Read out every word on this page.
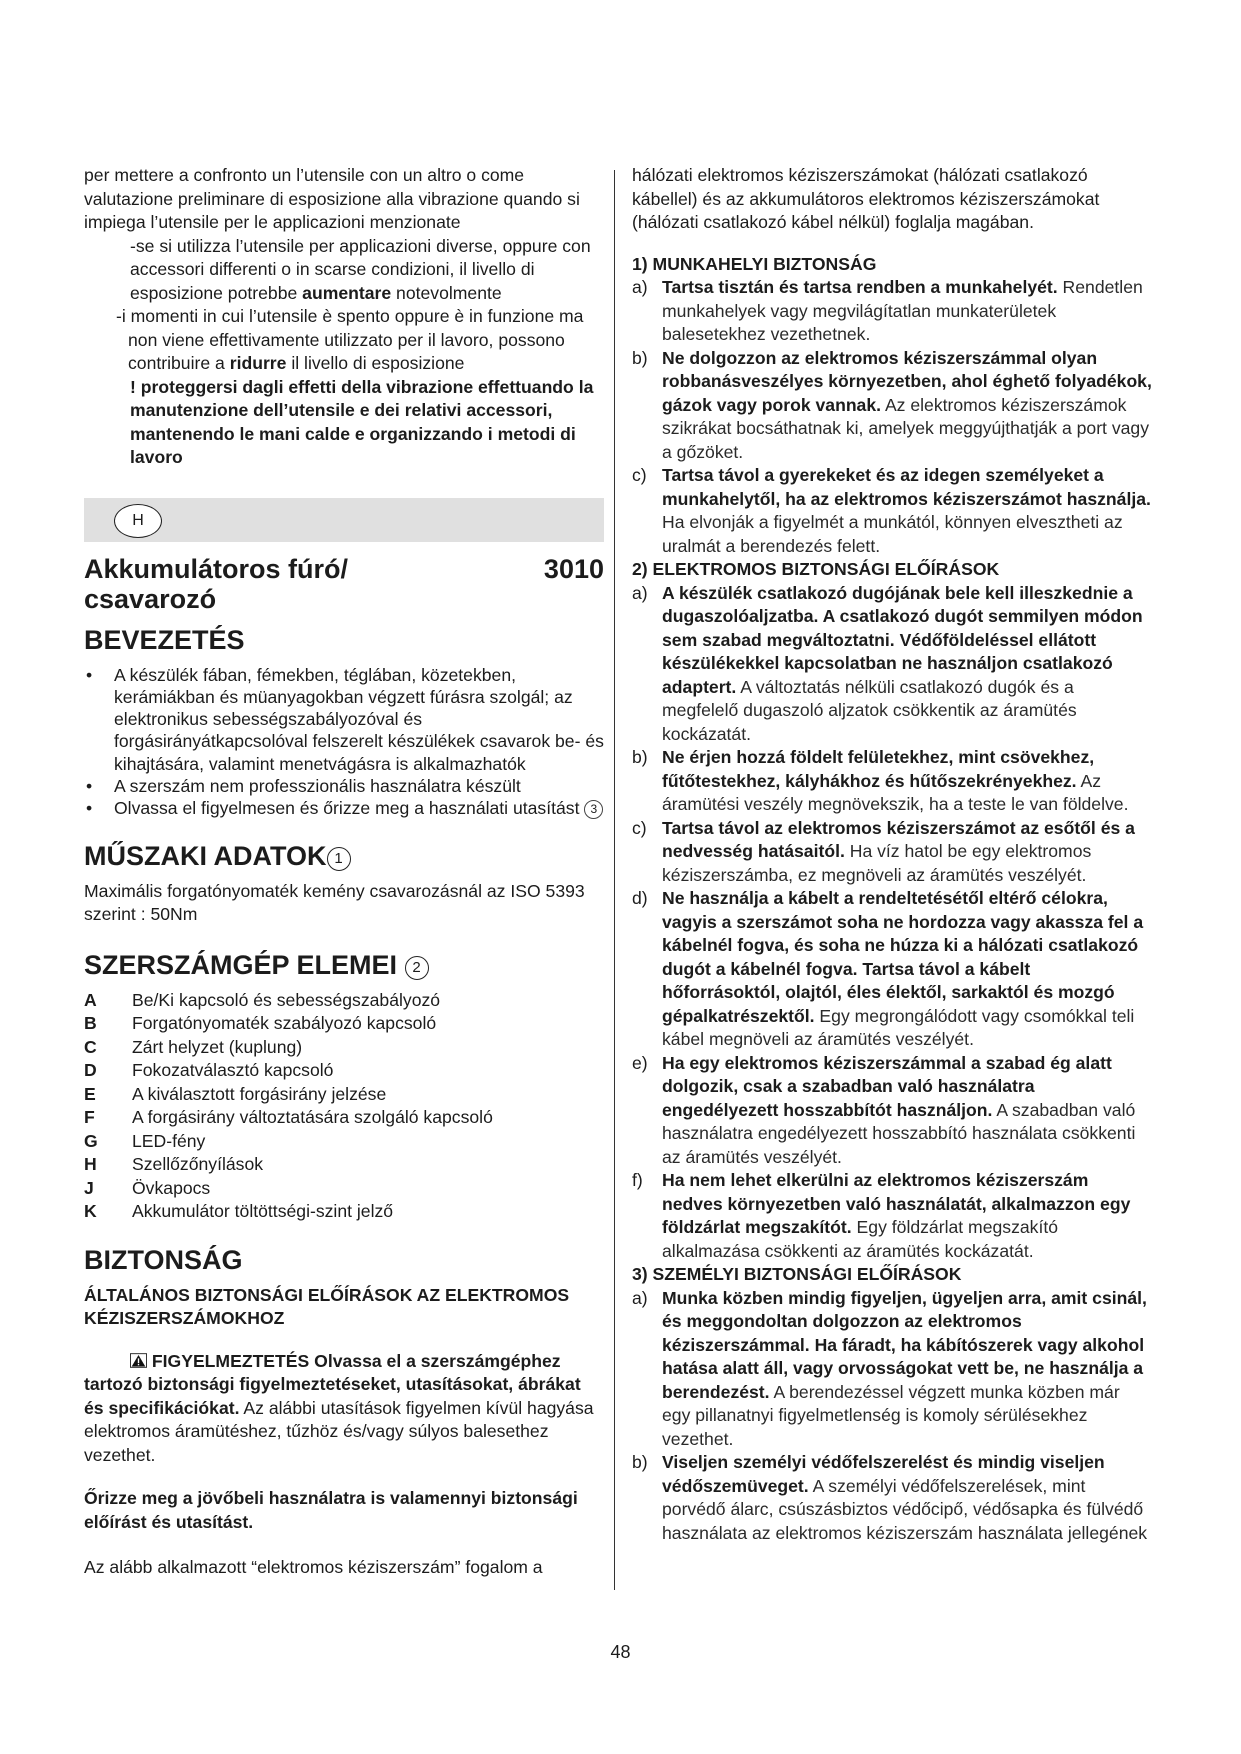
per mettere a confronto un l’utensile con un altro o come valutazione preliminare di esposizione alla vibrazione quando si impiega l’utensile per le applicazioni menzionate

-se si utilizza l’utensile per applicazioni diverse, oppure con accessori differenti o in scarse condizioni, il livello di esposizione potrebbe aumentare notevolmente

-i momenti in cui l’utensile è spento oppure è in funzione ma non viene effettivamente utilizzato per il lavoro, possono contribuire a ridurre il livello di esposizione

! proteggersi dagli effetti della vibrazione effettuando la manutenzione dell’utensile e dei relativi accessori, mantenendo le mani calde e organizzando i metodi di lavoro

H
Akkumulátoros fúró/ csavarozó
3010
BEVEZETÉS
• A készülék fában, fémekben, téglában, közetekben, kerámiákban és müanyagokban végzett fúrásra szolgál; az elektronikus sebességszabályozóval és forgásirányátkapcsolóval felszerelt készülékek csavarok be- és kihajtására, valamint menetvágásra is alkalmazhatók
• A szerszám nem professzionális használatra készült
• Olvassa el figyelmesen és őrizze meg a használati utasítást 3
MŰSZAKI ADATOK 1

Maximális forgatónyomaték kemény csavarozásnál az ISO 5393 szerint : 50Nm

SZERSZÁMGÉP ELEMEI 2
A	Be/Ki kapcsoló és sebességszabályozó
B	Forgatónyomaték szabályozó kapcsoló
C	Zárt helyzet (kuplung)
D	Fokozatválasztó kapcsoló
E	A kiválasztott forgásirány jelzése
F	A forgásirány változtatására szolgáló kapcsoló
G	LED-fény
H	Szellőzőnyílások
J	Övkapocs
K	Akkumulátor töltöttségi-szint jelző
BIZTONSÁG

ÁLTALÁNOS BIZTONSÁGI ELŐÍRÁSOK AZ ELEKTROMOS KÉZISZERSZÁMOKHOZ

FIGYELMEZTETÉS Olvassa el a szerszámgéphez tartozó biztonsági figyelmeztetéseket, utasításokat, ábrákat és specifikációkat. Az alábbi utasítások figyelmen kívül hagyása elektromos áramütéshez, tűzhöz és/vagy súlyos balesethez vezethet.

Őrizze meg a jövőbeli használatra is valamennyi biztonsági előírást és utasítást.

Az alább alkalmazott “elektromos kéziszerszám” fogalom a

hálózati elektromos kéziszerszámokat (hálózati csatlakozó kábellel) és az akkumulátoros elektromos kéziszerszámokat (hálózati csatlakozó kábel nélkül) foglalja magában.

1) MUNKAHELYI BIZTONSÁG

a) Tartsa tisztán és tartsa rendben a munkahelyét. Rendetlen munkahelyek vagy megvilágítatlan munkaterületek balesetekhez vezethetnek.
b) Ne dolgozzon az elektromos kéziszerszámmal olyan robbanásveszélyes környezetben, ahol éghető folyadékok, gázok vagy porok vannak. Az elektromos kéziszerszámok szikrákat bocsáthatnak ki, amelyek meggyújthatják a port vagy a gőzöket.
c) Tartsa távol a gyerekeket és az idegen személyeket a munkahelytől, ha az elektromos kéziszerszámot használja. Ha elvonják a figyelmét a munkától, könnyen elvesztheti az uralmát a berendezés felett.

2) ELEKTROMOS BIZTONSÁGI ELŐÍRÁSOK

a) A készülék csatlakozó dugójának bele kell illeszkednie a dugaszolóaljzatba. A csatlakozó dugót semmilyen módon sem szabad megváltoztatni. Védőföldeléssel ellátott készülékekkel kapcsolatban ne használjon csatlakozó adaptert. A változtatás nélküli csatlakozó dugók és a megfelelő dugaszoló aljzatok csökkentik az áramütés kockázatát.
b) Ne érjen hozzá földelt felületekhez, mint csövekhez, fűtőtestekhez, kályhákhoz és hűtőszekrényekhez. Az áramütési veszély megnövekszik, ha a teste le van földelve.
c) Tartsa távol az elektromos kéziszerszámot az esőtől és a nedvesség hatásaitól. Ha víz hatol be egy elektromos kéziszerszámba, ez megnöveli az áramütés veszélyét.
d) Ne használja a kábelt a rendeltetésétől eltérő célokra, vagyis a szerszámot soha ne hordozza vagy akassza fel a kábelnél fogva, és soha ne húzza ki a hálózati csatlakozó dugót a kábelnél fogva. Tartsa távol a kábelt hőforrásoktól, olajtól, éles élektől, sarkaktól és mozgó gépalkatrészektől. Egy megrongálódott vagy csomókkal teli kábel megnöveli az áramütés veszélyét.
e) Ha egy elektromos kéziszerszámmal a szabad ég alatt dolgozik, csak a szabadban való használatra engedélyezett hosszabbítót használjon. A szabadban való használatra engedélyezett hosszabbító használata csökkenti az áramütés veszélyét.
f) Ha nem lehet elkerülni az elektromos kéziszerszám nedves környezetben való használatát, alkalmazzon egy földzárlat megszakítót. Egy földzárlat megszakító alkalmazása csökkenti az áramütés kockázatát.

3) SZEMÉLYI BIZTONSÁGI ELŐÍRÁSOK

a) Munka közben mindig figyeljen, ügyeljen arra, amit csinál, és meggondoltan dolgozzon az elektromos kéziszerszámmal. Ha fáradt, ha kábítószerek vagy alkohol hatása alatt áll, vagy orvosságokat vett be, ne használja a berendezést. A berendezéssel végzett munka közben már egy pillanatnyi figyelmetlenség is komoly sérülésekhez vezethet.
b) Viseljen személyi védőfelszerelést és mindig viseljen védőszemüveget. A személyi védőfelszerelések, mint porvédő álarc, csúszásbiztos védőcipő, védősapka és fülvédő használata az elektromos kéziszerszám használata jellegének
48
